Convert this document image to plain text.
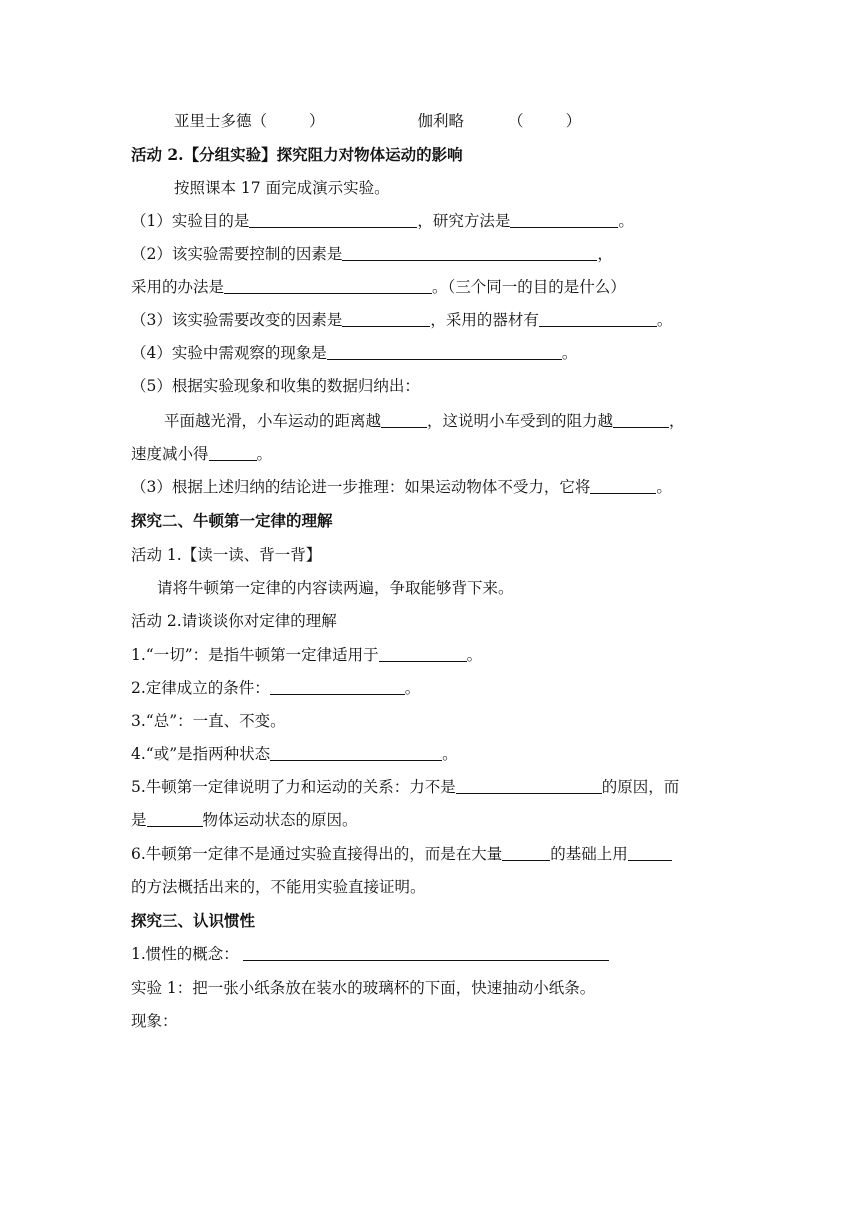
亚里士多德（	）	伽利略	（	）
活动 2.【分组实验】探究阻力对物体运动的影响
按照课本 17 面完成演示实验。
（1）实验目的是	，研究方法是	。
（2）该实验需要控制的因素是	，
采用的办法是	。（三个同一的目的是什么）
（3）该实验需要改变的因素是	，采用的器材有	。
（4）实验中需观察的现象是	。
（5）根据实验现象和收集的数据归纳出：
平面越光滑，小车运动的距离越	，这说明小车受到的阻力越	，
速度减小得	。
（3）根据上述归纳的结论进一步推理：如果运动物体不受力，它将	。
探究二、牛顿第一定律的理解
活动 1.【读一读、背一背】
请将牛顿第一定律的内容读两遍，争取能够背下来。
活动 2.请谈谈你对定律的理解
1.“一切”：是指牛顿第一定律适用于	。
2.定律成立的条件：	。
3.“总”：一直、不变。
4.“或”是指两种状态	。
5.牛顿第一定律说明了力和运动的关系：力不是	的原因，而
是	物体运动状态的原因。
6.牛顿第一定律不是通过实验直接得出的，而是在大量	的基础上用
的方法概括出来的，不能用实验直接证明。
探究三、认识惯性
1.惯性的概念：
实验 1：把一张小纸条放在装水的玻璃杯的下面，快速抽动小纸条。
现象：
